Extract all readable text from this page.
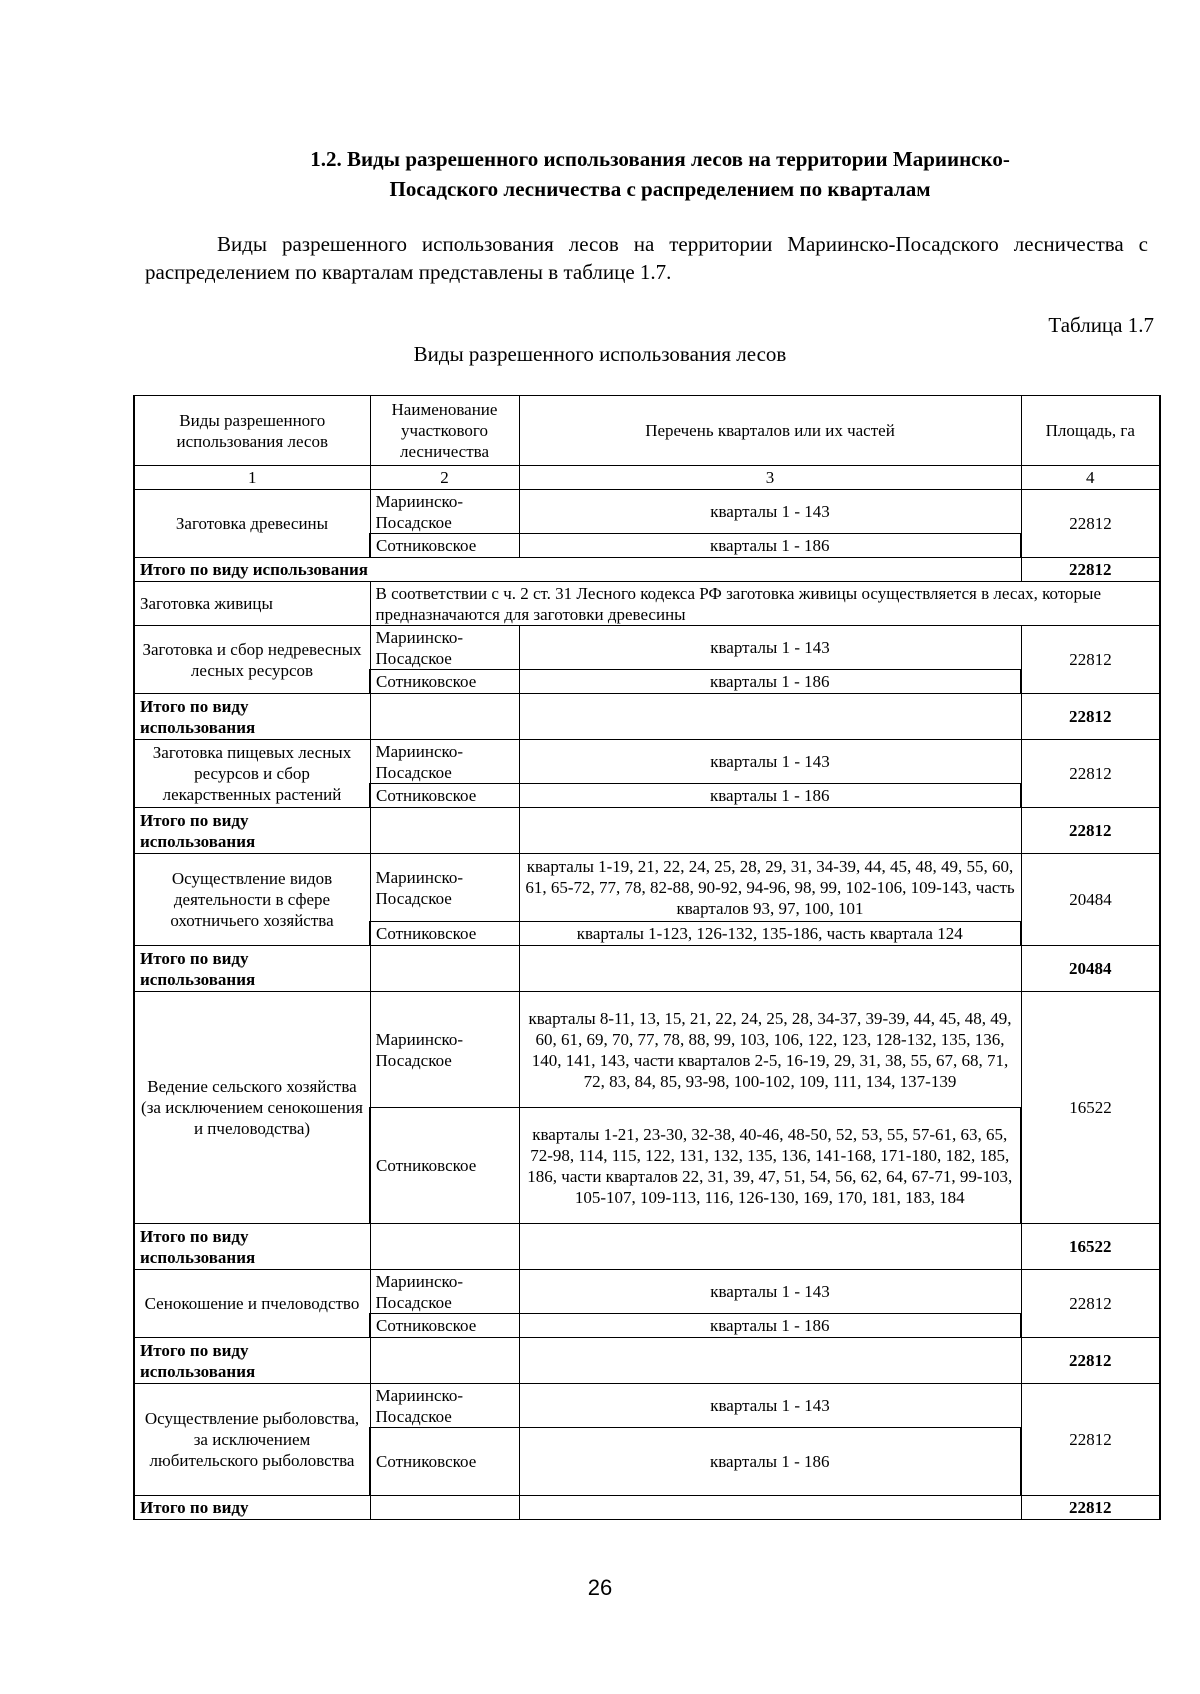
1.2. Виды разрешенного использования лесов на территории Мариинско-
Посадского лесничества с распределением по кварталам
Виды разрешенного использования лесов на территории Мариинско-Посадского лесничества с распределением по кварталам представлены в таблице 1.7.
Таблица 1.7
Виды разрешенного использования лесов
Виды разрешенного использования лесов	Наименование участкового лесничества	Перечень кварталов или их частей	Площадь, га
1	2	3	4
Заготовка древесины	Мариинско-Посадское	кварталы 1 - 143	22812
	Сотниковское	кварталы 1 - 186	
Итого по виду использования			22812
Заготовка живицы	В соответствии с ч. 2 ст. 31 Лесного кодекса РФ заготовка живицы осуществляется в лесах, которые предназначаются для заготовки древесины		
Заготовка и сбор недревесных лесных ресурсов	Мариинско-Посадское	кварталы 1 - 143	22812
	Сотниковское	кварталы 1 - 186	
Итого по виду использования			22812
Заготовка пищевых лесных ресурсов и сбор лекарственных растений	Мариинско-Посадское	кварталы 1 - 143	22812
	Сотниковское	кварталы 1 - 186	
Итого по виду использования			22812
Осуществление видов деятельности в сфере охотничьего хозяйства	Мариинско-Посадское	кварталы 1-19, 21, 22, 24, 25, 28, 29, 31, 34-39, 44, 45, 48, 49, 55, 60, 61, 65-72, 77, 78, 82-88, 90-92, 94-96, 98, 99, 102-106, 109-143, часть кварталов 93, 97, 100, 101	20484
	Сотниковское	кварталы 1-123, 126-132, 135-186, часть квартала 124	
Итого по виду использования			20484
Ведение сельского хозяйства (за исключением сенокошения и пчеловодства)	Мариинско-Посадское	кварталы 8-11, 13, 15, 21, 22, 24, 25, 28, 34-37, 39-39, 44, 45, 48, 49, 60, 61, 69, 70, 77, 78, 88, 99, 103, 106, 122, 123, 128-132, 135, 136, 140, 141, 143, части кварталов 2-5, 16-19, 29, 31, 38, 55, 67, 68, 71, 72, 83, 84, 85, 93-98, 100-102, 109, 111, 134, 137-139	16522
	Сотниковское	кварталы 1-21, 23-30, 32-38, 40-46, 48-50, 52, 53, 55, 57-61, 63, 65, 72-98, 114, 115, 122, 131, 132, 135, 136, 141-168, 171-180, 182, 185, 186, части кварталов 22, 31, 39, 47, 51, 54, 56, 62, 64, 67-71, 99-103, 105-107, 109-113, 116, 126-130, 169, 170, 181, 183, 184	
Итого по виду использования			16522
Сенокошение и пчеловодство	Мариинско-Посадское	кварталы 1 - 143	22812
	Сотниковское	кварталы 1 - 186	
Итого по виду использования			22812
Осуществление рыболовства, за исключением любительского рыболовства	Мариинско-Посадское	кварталы 1 - 143	22812
	Сотниковское	кварталы 1 - 186	
Итого по виду			22812
26
